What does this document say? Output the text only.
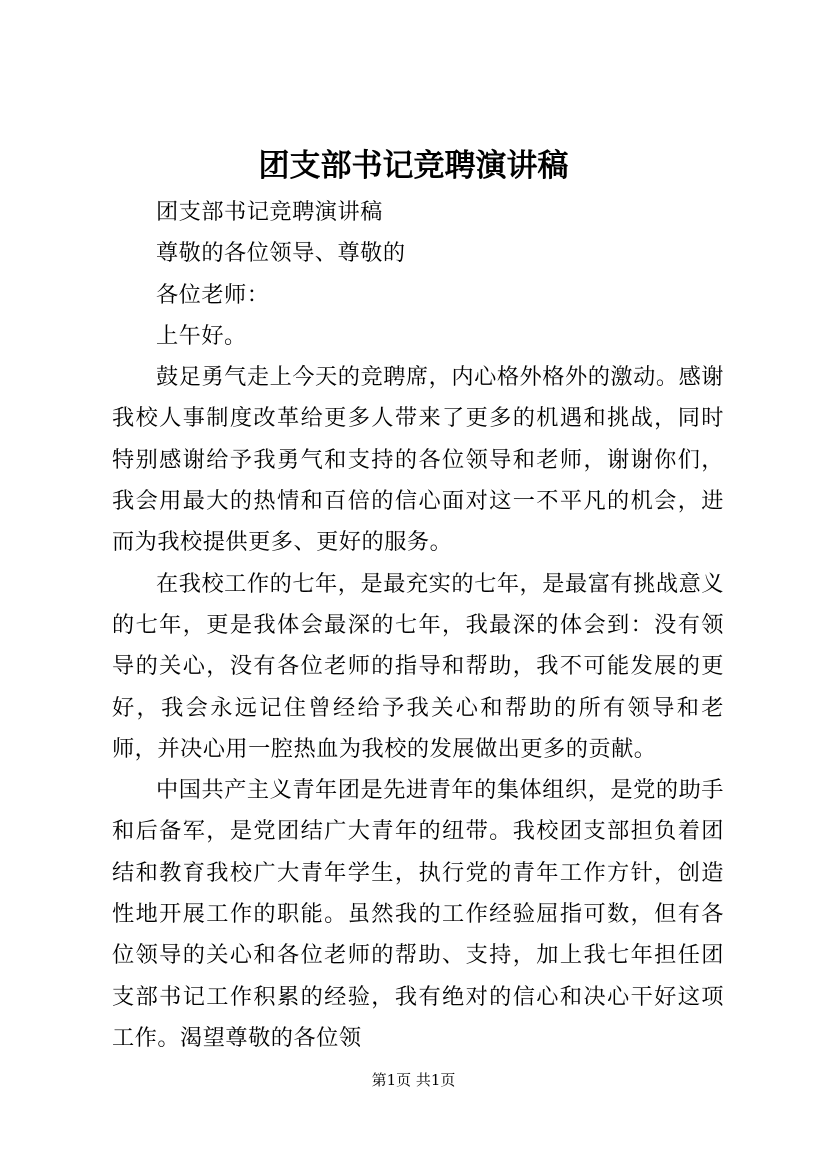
团支部书记竞聘演讲稿

团支部书记竞聘演讲稿

尊敬的各位领导、尊敬的

各位老师：

上午好。

鼓足勇气走上今天的竞聘席，内心格外格外的激动。感谢我校人事制度改革给更多人带来了更多的机遇和挑战，同时特别感谢给予我勇气和支持的各位领导和老师，谢谢你们，我会用最大的热情和百倍的信心面对这一不平凡的机会，进而为我校提供更多、更好的服务。

在我校工作的七年，是最充实的七年，是最富有挑战意义的七年，更是我体会最深的七年，我最深的体会到：没有领导的关心，没有各位老师的指导和帮助，我不可能发展的更好，我会永远记住曾经给予我关心和帮助的所有领导和老师，并决心用一腔热血为我校的发展做出更多的贡献。

中国共产主义青年团是先进青年的集体组织，是党的助手和后备军，是党团结广大青年的纽带。我校团支部担负着团结和教育我校广大青年学生，执行党的青年工作方针，创造性地开展工作的职能。虽然我的工作经验屈指可数，但有各位领导的关心和各位老师的帮助、支持，加上我七年担任团支部书记工作积累的经验，我有绝对的信心和决心干好这项工作。渴望尊敬的各位领

第1页 共1页
